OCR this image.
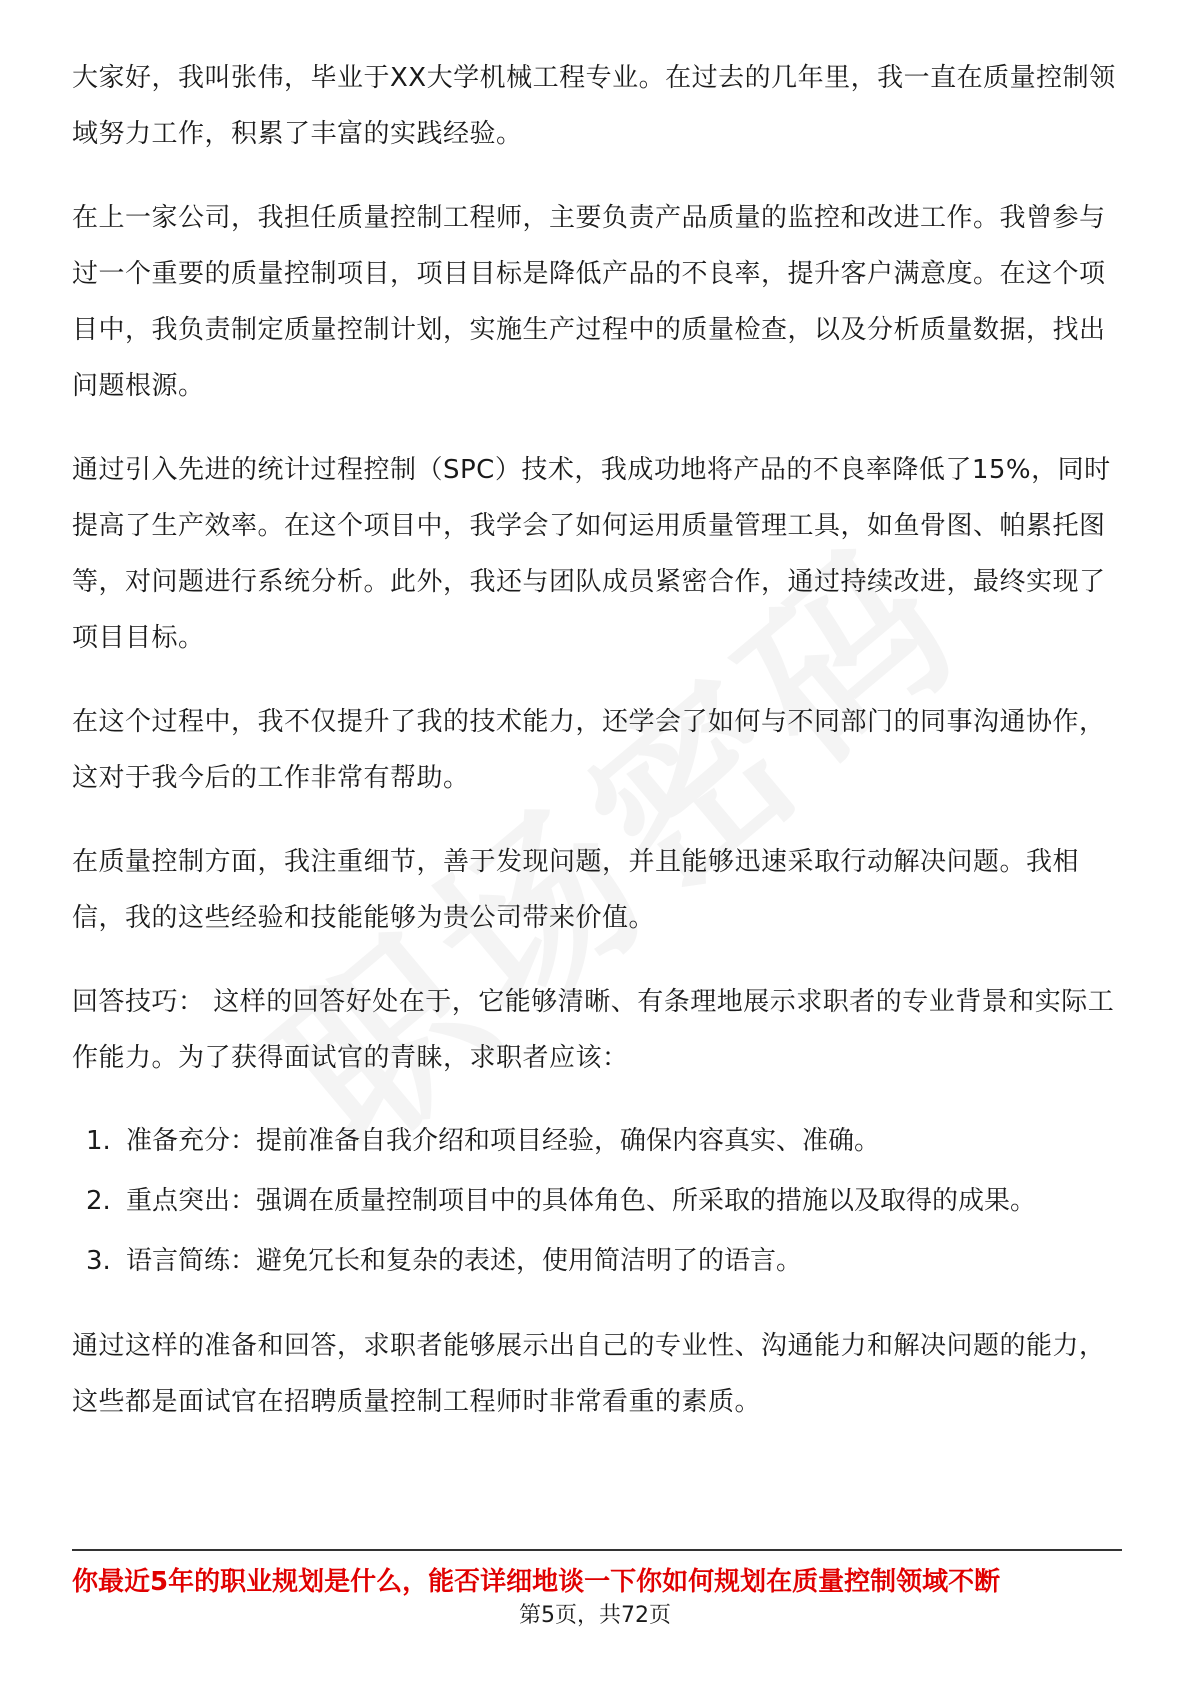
大家好，我叫张伟，毕业于XX大学机械工程专业。在过去的几年里，我一直在质量控制领域努力工作，积累了丰富的实践经验。

在上一家公司，我担任质量控制工程师，主要负责产品质量的监控和改进工作。我曾参与过一个重要的质量控制项目，项目目标是降低产品的不良率，提升客户满意度。在这个项目中，我负责制定质量控制计划，实施生产过程中的质量检查，以及分析质量数据，找出问题根源。

通过引入先进的统计过程控制（SPC）技术，我成功地将产品的不良率降低了15%，同时提高了生产效率。在这个项目中，我学会了如何运用质量管理工具，如鱼骨图、帕累托图等，对问题进行系统分析。此外，我还与团队成员紧密合作，通过持续改进，最终实现了项目目标。

在这个过程中，我不仅提升了我的技术能力，还学会了如何与不同部门的同事沟通协作，这对于我今后的工作非常有帮助。

在质量控制方面，我注重细节，善于发现问题，并且能够迅速采取行动解决问题。我相信，我的这些经验和技能能够为贵公司带来价值。

回答技巧： 这样的回答好处在于，它能够清晰、有条理地展示求职者的专业背景和实际工作能力。为了获得面试官的青睐，求职者应该：

1. 准备充分：提前准备自我介绍和项目经验，确保内容真实、准确。
2. 重点突出：强调在质量控制项目中的具体角色、所采取的措施以及取得的成果。
3. 语言简练：避免冗长和复杂的表述，使用简洁明了的语言。

通过这样的准备和回答，求职者能够展示出自己的专业性、沟通能力和解决问题的能力，这些都是面试官在招聘质量控制工程师时非常看重的素质。

你最近5年的职业规划是什么，能否详细地谈一下你如何规划在质量控制领域不断
第5页，共72页
